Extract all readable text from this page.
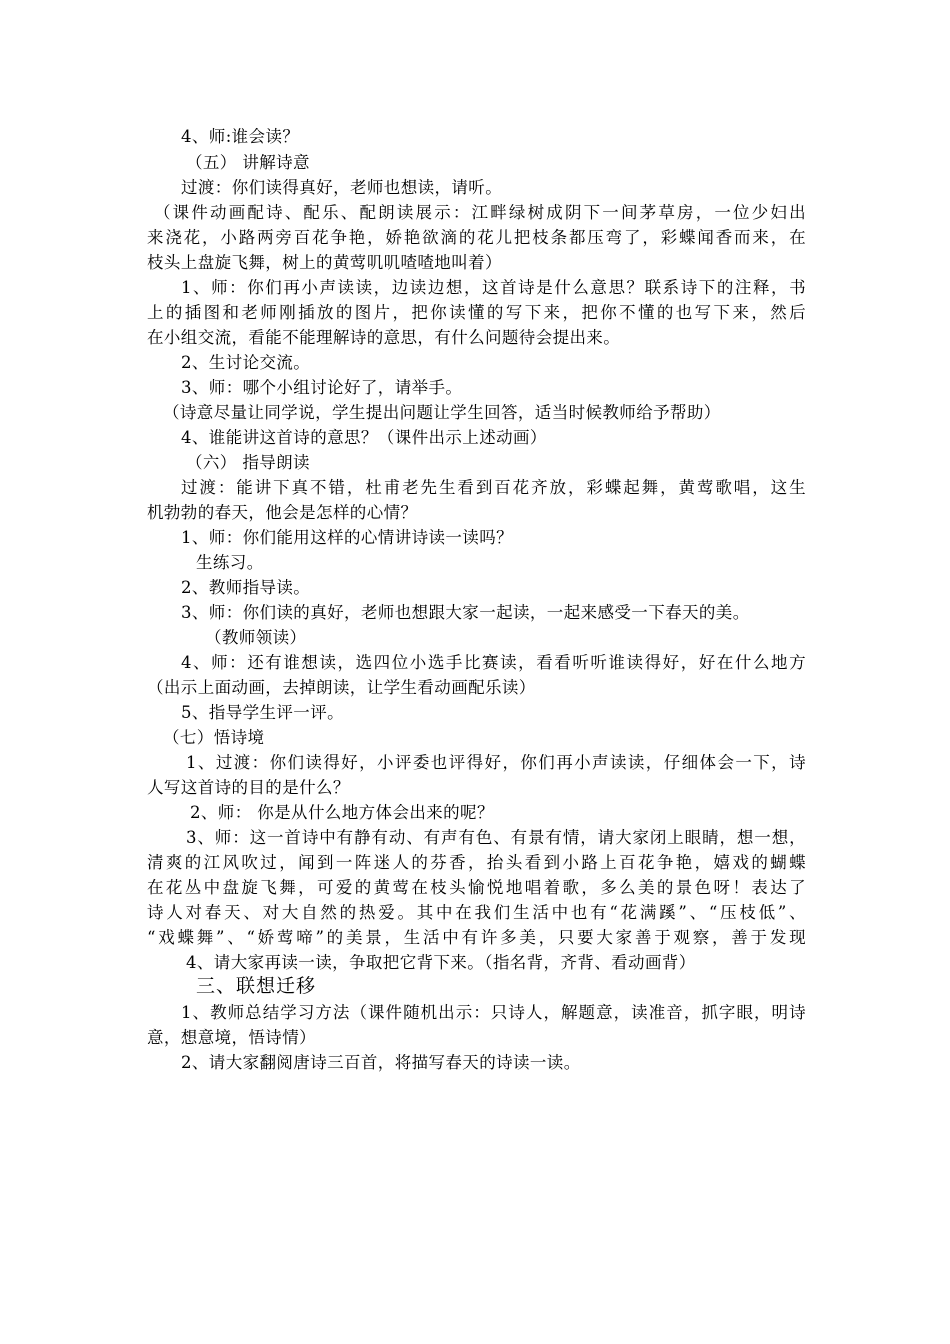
4、师:谁会读？
（五） 讲解诗意
过渡：你们读得真好，老师也想读，请听。
（课件动画配诗、配乐、配朗读展示：江畔绿树成阴下一间茅草房，一位少妇出
来浇花，小路两旁百花争艳，娇艳欲滴的花儿把枝条都压弯了，彩蝶闻香而来，在
枝头上盘旋飞舞，树上的黄莺叽叽喳喳地叫着）
1、师：你们再小声读读，边读边想，这首诗是什么意思？联系诗下的注释，书
上的插图和老师刚插放的图片，把你读懂的写下来，把你不懂的也写下来，然后
在小组交流，看能不能理解诗的意思，有什么问题待会提出来。
2、生讨论交流。
3、师：哪个小组讨论好了，请举手。
（诗意尽量让同学说，学生提出问题让学生回答，适当时候教师给予帮助）
4、谁能讲这首诗的意思？（课件出示上述动画）
（六） 指导朗读
过渡：能讲下真不错，杜甫老先生看到百花齐放，彩蝶起舞，黄莺歌唱，这生
机勃勃的春天，他会是怎样的心情？
1、师：你们能用这样的心情讲诗读一读吗？
生练习。
2、教师指导读。
3、师：你们读的真好，老师也想跟大家一起读，一起来感受一下春天的美。
（教师领读）
4、师：还有谁想读，选四位小选手比赛读，看看听听谁读得好，好在什么地方
（出示上面动画，去掉朗读，让学生看动画配乐读）
5、指导学生评一评。
（七）悟诗境
1、过渡：你们读得好，小评委也评得好，你们再小声读读，仔细体会一下，诗
人写这首诗的目的是什么？
2、师： 你是从什么地方体会出来的呢？
3、师：这一首诗中有静有动、有声有色、有景有情，请大家闭上眼睛，想一想，
清爽的江风吹过，闻到一阵迷人的芬香，抬头看到小路上百花争艳，嬉戏的蝴蝶
在花丛中盘旋飞舞，可爱的黄莺在枝头愉悦地唱着歌，多么美的景色呀！表达了
诗人对春天、对大自然的热爱。其中在我们生活中也有“花满蹊”、“压枝低”、
“戏蝶舞”、“娇莺啼”的美景，生活中有许多美，只要大家善于观察，善于发现
4、请大家再读一读，争取把它背下来。（指名背，齐背、看动画背）
三、联想迁移
1、教师总结学习方法（课件随机出示：只诗人，解题意，读准音，抓字眼，明诗
意，想意境，悟诗情）
2、请大家翻阅唐诗三百首，将描写春天的诗读一读。
